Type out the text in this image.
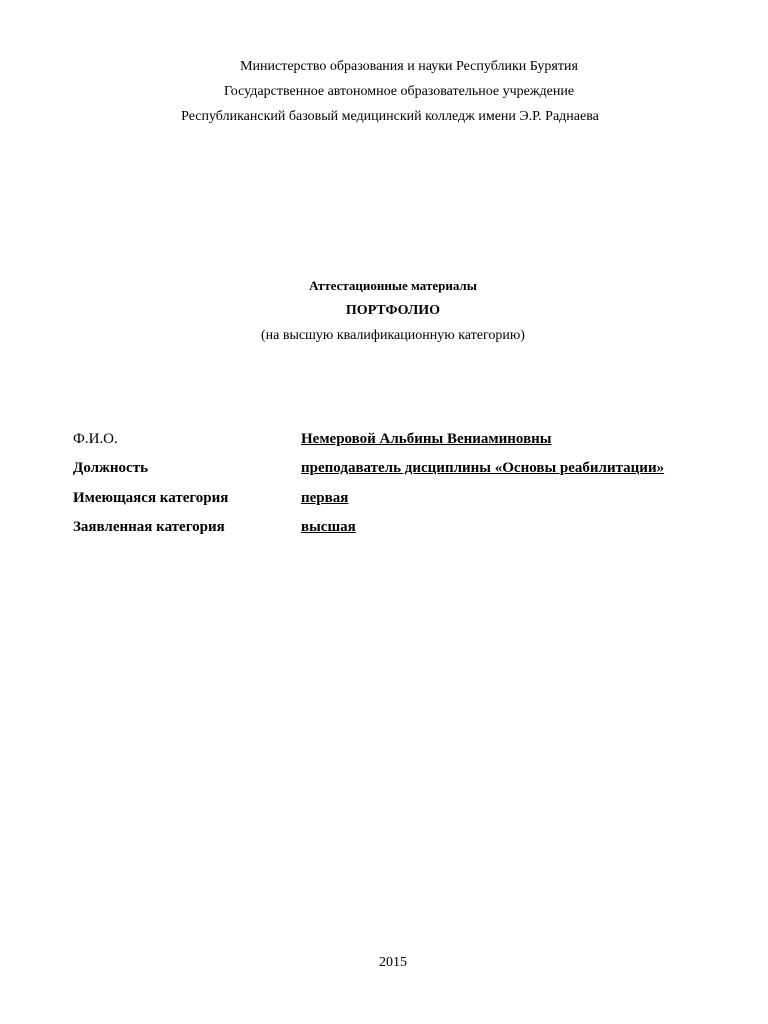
Министерство образования и науки Республики Бурятия
Государственное автономное образовательное учреждение
Республиканский базовый медицинский колледж имени Э.Р. Раднаева
Аттестационные материалы
ПОРТФОЛИО
(на высшую квалификационную категорию)
Ф.И.О.	Немеровой Альбины Вениаминовны
Должность	преподаватель дисциплины «Основы реабилитации»
Имеющаяся категория	первая
Заявленная категория	высшая
2015
